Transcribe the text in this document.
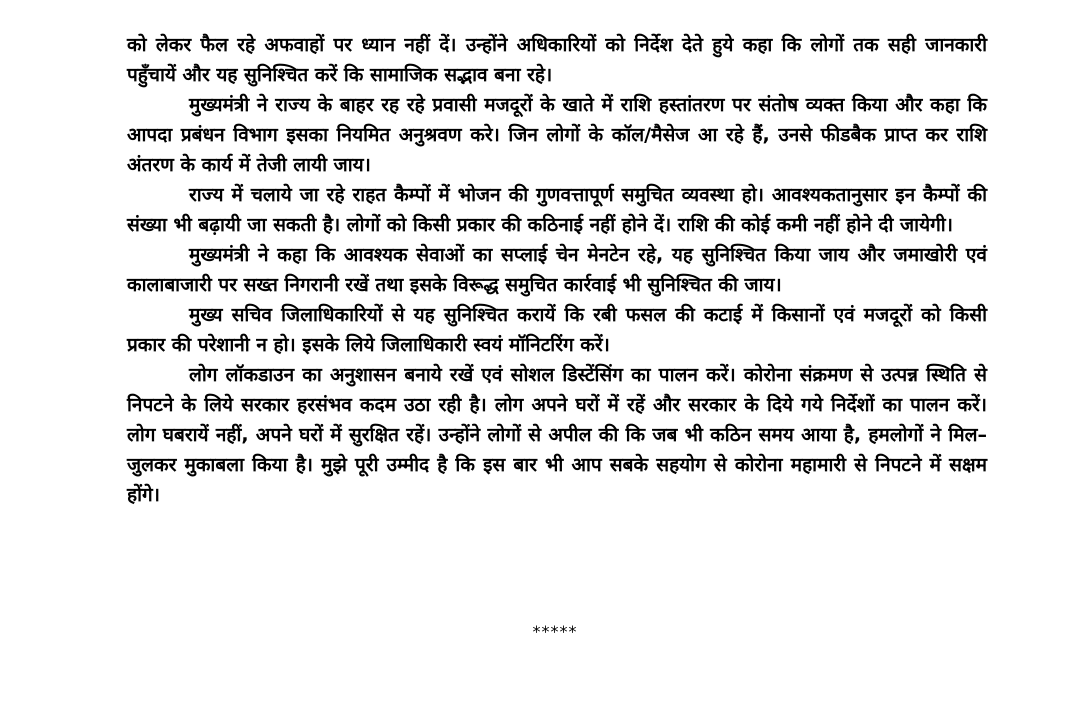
को लेकर फैल रहे अफवाहों पर ध्यान नहीं दें। उन्होंने अधिकारियों को निर्देश देते हुये कहा कि लोगों तक सही जानकारी पहुँचायें और यह सुनिश्चित करें कि सामाजिक सद्भाव बना रहे।

मुख्यमंत्री ने राज्य के बाहर रह रहे प्रवासी मजदूरों के खाते में राशि हस्तांतरण पर संतोष व्यक्त किया और कहा कि आपदा प्रबंधन विभाग इसका नियमित अनुश्रवण करे। जिन लोगों के कॉल/मैसेज आ रहे हैं, उनसे फीडबैक प्राप्त कर राशि अंतरण के कार्य में तेजी लायी जाय।

राज्य में चलाये जा रहे राहत कैम्पों में भोजन की गुणवत्तापूर्ण समुचित व्यवस्था हो। आवश्यकतानुसार इन कैम्पों की संख्या भी बढ़ायी जा सकती है। लोगों को किसी प्रकार की कठिनाई नहीं होने दें। राशि की कोई कमी नहीं होने दी जायेगी।

मुख्यमंत्री ने कहा कि आवश्यक सेवाओं का सप्लाई चेन मेनटेन रहे, यह सुनिश्चित किया जाय और जमाखोरी एवं कालाबाजारी पर सख्त निगरानी रखें तथा इसके विरूद्ध समुचित कार्रवाई भी सुनिश्चित की जाय।

मुख्य सचिव जिलाधिकारियों से यह सुनिश्चित करायें कि रबी फसल की कटाई में किसानों एवं मजदूरों को किसी प्रकार की परेशानी न हो। इसके लिये जिलाधिकारी स्वयं मॉनिटरिंग करें।

लोग लॉकडाउन का अनुशासन बनाये रखें एवं सोशल डिस्टेंसिंग का पालन करें। कोरोना संक्रमण से उत्पन्न स्थिति से निपटने के लिये सरकार हरसंभव कदम उठा रही है। लोग अपने घरों में रहें और सरकार के दिये गये निर्देशों का पालन करें। लोग घबरायें नहीं, अपने घरों में सुरक्षित रहें। उन्होंने लोगों से अपील की कि जब भी कठिन समय आया है, हमलोगों ने मिल–जुलकर मुकाबला किया है। मुझे पूरी उम्मीद है कि इस बार भी आप सबके सहयोग से कोरोना महामारी से निपटने में सक्षम होंगे।

*****
